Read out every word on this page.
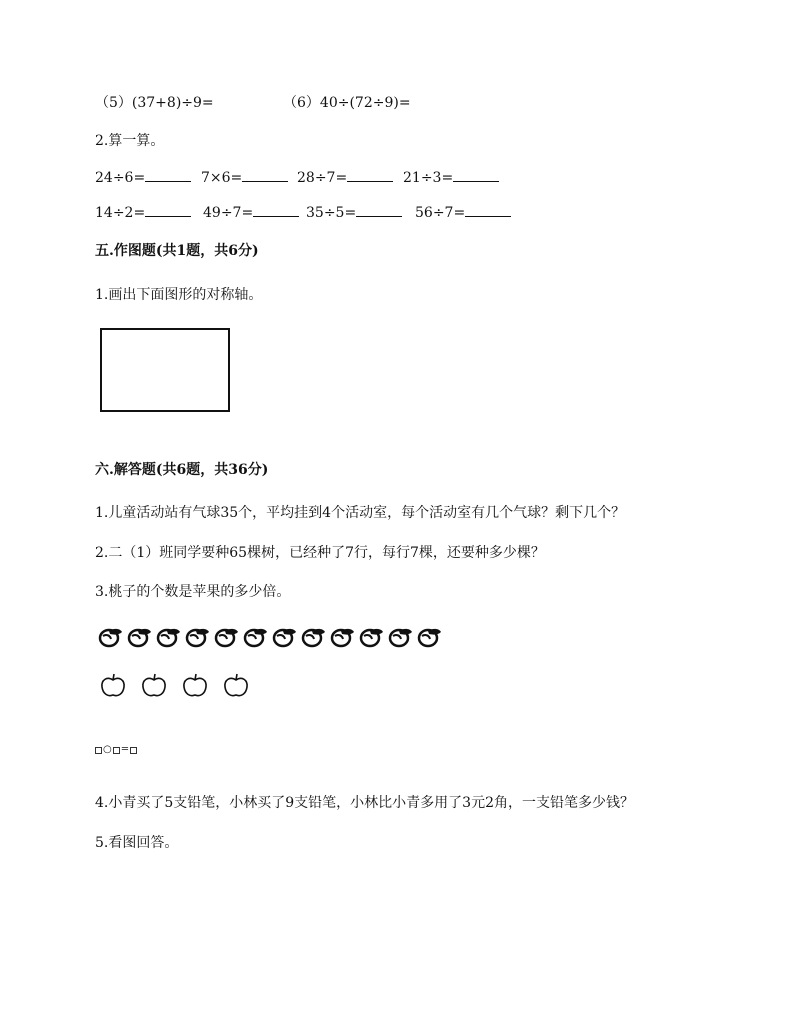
（5）(37+8)÷9=	（6）40÷(72÷9)=
2.算一算。
24÷6=	7×6=	28÷7=	21÷3=
14÷2=	49÷7=	35÷5=	56÷7=
五.作图题(共1题，共6分)
1.画出下面图形的对称轴。
六.解答题(共6题，共36分)
1.儿童活动站有气球35个，平均挂到4个活动室，每个活动室有几个气球？剩下几个？
2.二（1）班同学要种65棵树，已经种了7行，每行7棵，还要种多少棵？
3.桃子的个数是苹果的多少倍。
○ =
4.小青买了5支铅笔，小林买了9支铅笔，小林比小青多用了3元2角，一支铅笔多少钱？
5.看图回答。
